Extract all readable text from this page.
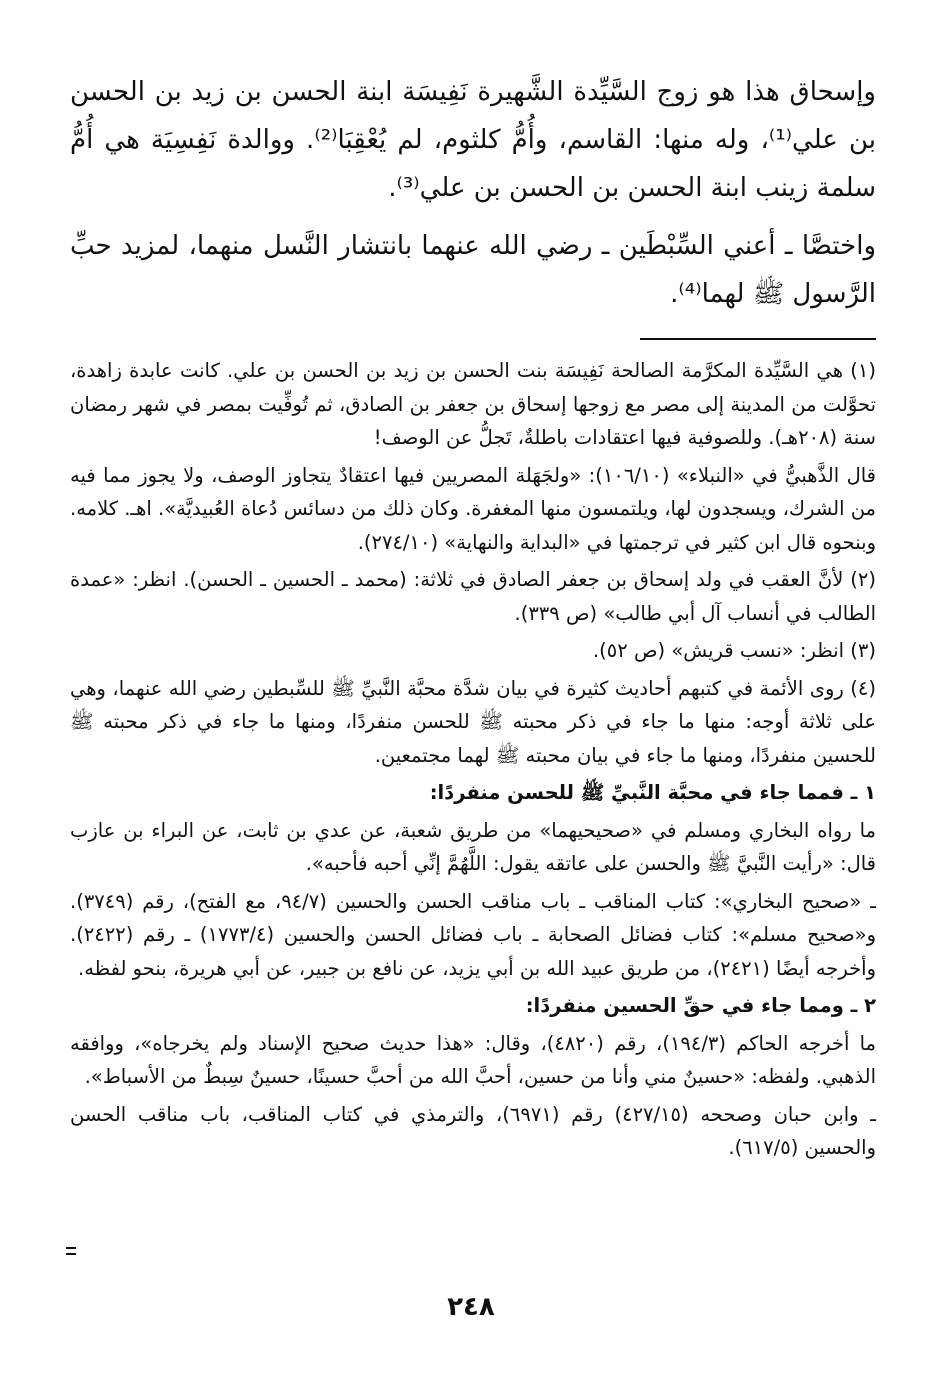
وإسحاق هذا هو زوج السَّيِّدة الشَّهيرة نَفِيسَة ابنة الحسن بن زيد بن الحسن بن علي⁽¹⁾، وله منها: القاسم، وأُمُّ كلثوم، لم يُعْقِبَا⁽²⁾. ووالدة نَفِسِيَة هي أُمُّ سلمة زينب ابنة الحسن بن الحسن بن علي⁽³⁾.

واختصَّا ـ أعني السِّبْطَين ـ رضي الله عنهما بانتشار النَّسل منهما، لمزيد حبِّ الرَّسول ﷺ لهما⁽⁴⁾.

(١) هي السَّيِّدة المكرَّمة الصالحة نَفِيسَة بنت الحسن بن زيد بن الحسن بن علي. كانت عابدة زاهدة، تحوَّلت من المدينة إلى مصر مع زوجها إسحاق بن جعفر بن الصادق، ثم تُوفِّيت بمصر في شهر رمضان سنة (٢٠٨هـ). وللصوفية فيها اعتقادات باطلةٌ، تَجلُّ عن الوصف!

قال الذَّهبيُّ في «النبلاء» (١٠٦/١٠): «ولجَهَلة المصريين فيها اعتقادٌ يتجاوز الوصف، ولا يجوز مما فيه من الشرك، ويسجدون لها، ويلتمسون منها المغفرة. وكان ذلك من دسائس دُعاة العُبيديَّة». اهـ. كلامه. وبنحوه قال ابن كثير في ترجمتها في «البداية والنهاية» (٢٧٤/١٠).

(٢) لأنَّ العقب في ولد إسحاق بن جعفر الصادق في ثلاثة: (محمد ـ الحسين ـ الحسن). انظر: «عمدة الطالب في أنساب آل أبي طالب» (ص ٣٣٩).

(٣) انظر: «نسب قريش» (ص ٥٢).

(٤) روى الأئمة في كتبهم أحاديث كثيرة في بيان شدَّة محبَّة النَّبيِّ ﷺ للسِّبطين رضي الله عنهما، وهي على ثلاثة أوجه: منها ما جاء في ذكر محبته ﷺ للحسن منفردًا، ومنها ما جاء في ذكر محبته ﷺ للحسين منفردًا، ومنها ما جاء في بيان محبته ﷺ لهما مجتمعين.

١ ـ فمما جاء في محبَّة النَّبيِّ ﷺ للحسن منفردًا:

ما رواه البخاري ومسلم في «صحيحيهما» من طريق شعبة، عن عدي بن ثابت، عن البراء بن عازب قال: «رأيت النَّبيَّ ﷺ والحسن على عاتقه يقول: اللَّهُمَّ إنِّي أحبه فأحبه».

ـ «صحيح البخاري»: كتاب المناقب ـ باب مناقب الحسن والحسين (٩٤/٧، مع الفتح)، رقم (٣٧٤٩). و«صحيح مسلم»: كتاب فضائل الصحابة ـ باب فضائل الحسن والحسين (١٧٧٣/٤) ـ رقم (٢٤٢٢). وأخرجه أيضًا (٢٤٢١)، من طريق عبيد الله بن أبي يزيد، عن نافع بن جبير، عن أبي هريرة، بنحو لفظه.

٢ ـ ومما جاء في حقِّ الحسين منفردًا:

ما أخرجه الحاكم (١٩٤/٣)، رقم (٤٨٢٠)، وقال: «هذا حديث صحيح الإسناد ولم يخرجاه»، ووافقه الذهبي. ولفظه: «حسينٌ مني وأنا من حسين، أحبَّ الله من أحبَّ حسينًا، حسينٌ سِبطٌ من الأسباط».

ـ وابن حبان وصححه (٤٢٧/١٥) رقم (٦٩٧١)، والترمذي في كتاب المناقب، باب مناقب الحسن والحسين (٦١٧/٥).

٢٤٨
